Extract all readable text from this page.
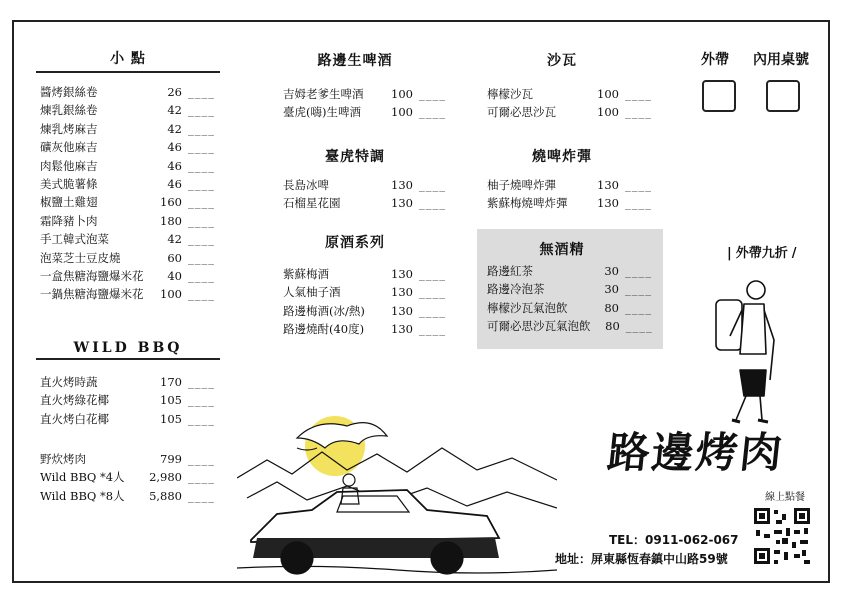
小 點
醬烤銀絲卷	26 ____
煉乳銀絲卷	42 ____
煉乳烤麻吉	42 ____
礦灰他麻吉	46 ____
肉鬆他麻吉	46 ____
美式脆薯條	46 ____
椒鹽土雞翅	160 ____
霜降豬卜肉	180 ____
手工韓式泡菜	42 ____
泡菜芝士豆皮燒	60 ____
一盒焦糖海鹽爆米花	40 ____
一鍋焦糖海鹽爆米花	100 ____
WILD BBQ
直火烤時蔬	170 ____
直火烤綠花椰	105 ____
直火烤白花椰	105 ____
野炊烤肉	799 ____
Wild BBQ *4人	2,980 ____
Wild BBQ *8人	5,880 ____
路邊生啤酒
吉姆老爹生啤酒	100 ____
臺虎(嗨)生啤酒	100 ____
臺虎特調
長島冰啤	130 ____
石榴星花園	130 ____
原酒系列
紫蘇梅酒	130 ____
人氣柚子酒	130 ____
路邊梅酒(冰/熱)	130 ____
路邊燒酎(40度)	130 ____
沙瓦
檸檬沙瓦	100 ____
可爾必思沙瓦	100 ____
燒啤炸彈
柚子燒啤炸彈	130 ____
紫蘇梅燒啤炸彈	130 ____
無酒精
路邊紅茶	30 ____
路邊冷泡茶	30 ____
檸檬沙瓦氣泡飲	80 ____
可爾必思沙瓦氣泡飲	80 ____
外帶 內用桌號
| 外帶九折 /
路邊烤肉
線上點餐
TEL：0911-062-067
地址：屏東縣恆春鎮中山路59號
